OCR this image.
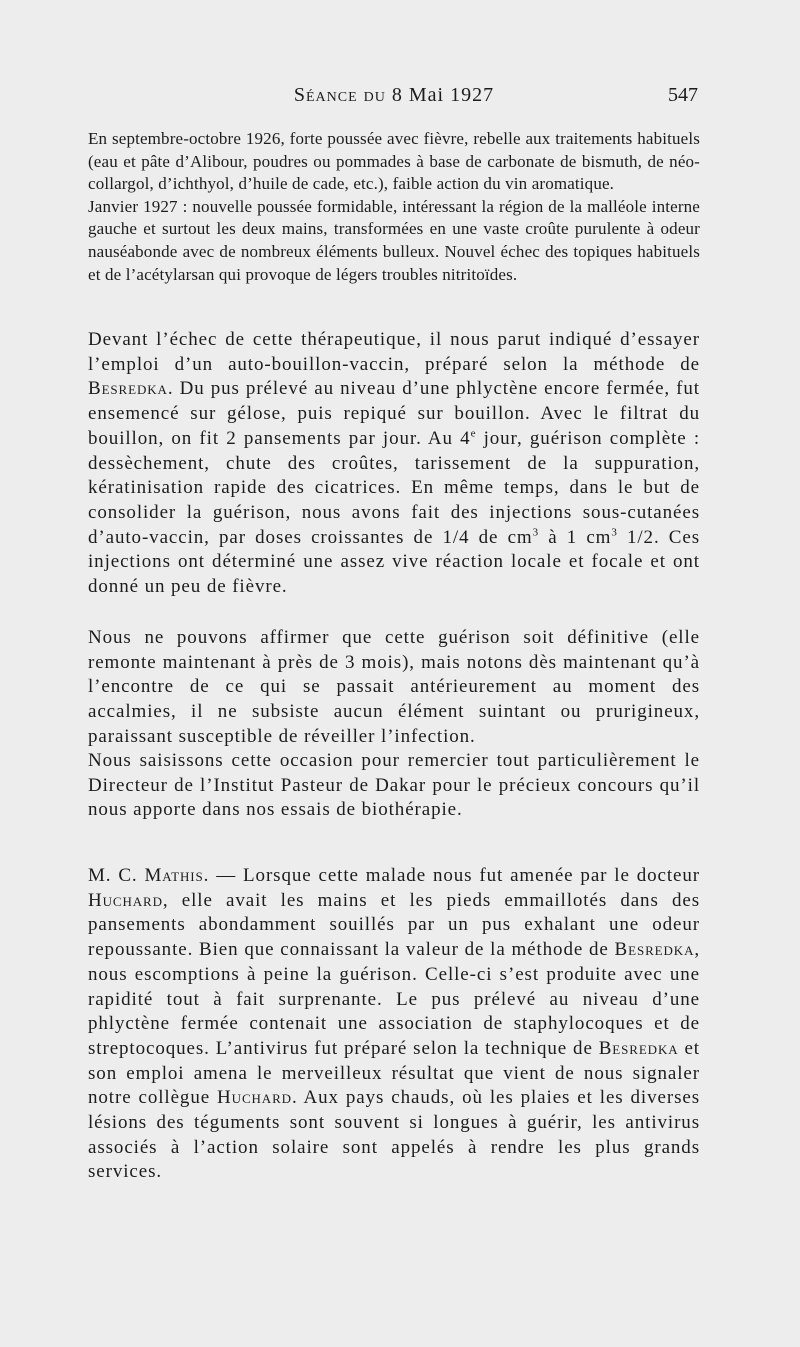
Séance du 8 Mai 1927	547

En septembre-octobre 1926, forte poussée avec fièvre, rebelle aux traitements habituels (eau et pâte d’Alibour, poudres ou pommades à base de carbonate de bismuth, de néo-collargol, d’ichthyol, d’huile de cade, etc.), faible action du vin aromatique.

Janvier 1927 : nouvelle poussée formidable, intéressant la région de la malléole interne gauche et surtout les deux mains, transformées en une vaste croûte purulente à odeur nauséabonde avec de nombreux éléments bulleux. Nouvel échec des topiques habituels et de l’acétylarsan qui provoque de légers troubles nitritoïdes.

Devant l’échec de cette thérapeutique, il nous parut indiqué d’essayer l’emploi d’un auto-bouillon-vaccin, préparé selon la méthode de Besredka. Du pus prélevé au niveau d’une phlyctène encore fermée, fut ensemencé sur gélose, puis repiqué sur bouillon. Avec le filtrat du bouillon, on fit 2 pansements par jour. Au 4e jour, guérison complète : dessèchement, chute des croûtes, tarissement de la suppuration, kératinisation rapide des cicatrices. En même temps, dans le but de consolider la guérison, nous avons fait des injections sous-cutanées d’auto-vaccin, par doses croissantes de 1/4 de $cm^3$ à 1 $cm^3$ 1/2. Ces injections ont déterminé une assez vive réaction locale et focale et ont donné un peu de fièvre.

Nous ne pouvons affirmer que cette guérison soit définitive (elle remonte maintenant à près de 3 mois), mais notons dès maintenant qu’à l’encontre de ce qui se passait antérieurement au moment des accalmies, il ne subsiste aucun élément suintant ou prurigineux, paraissant susceptible de réveiller l’infection.

Nous saisissons cette occasion pour remercier tout particulièrement le Directeur de l’Institut Pasteur de Dakar pour le précieux concours qu’il nous apporte dans nos essais de biothérapie.

M. C. Mathis. — Lorsque cette malade nous fut amenée par le docteur Huchard, elle avait les mains et les pieds emmaillotés dans des pansements abondamment souillés par un pus exhalant une odeur repoussante. Bien que connaissant la valeur de la méthode de Besredka, nous escomptions à peine la guérison. Celle-ci s’est produite avec une rapidité tout à fait surprenante. Le pus prélevé au niveau d’une phlyctène fermée contenait une association de staphylocoques et de streptocoques. L’antivirus fut préparé selon la technique de Besredka et son emploi amena le merveilleux résultat que vient de nous signaler notre collègue Huchard. Aux pays chauds, où les plaies et les diverses lésions des téguments sont souvent si longues à guérir, les antivirus associés à l’action solaire sont appelés à rendre les plus grands services.
